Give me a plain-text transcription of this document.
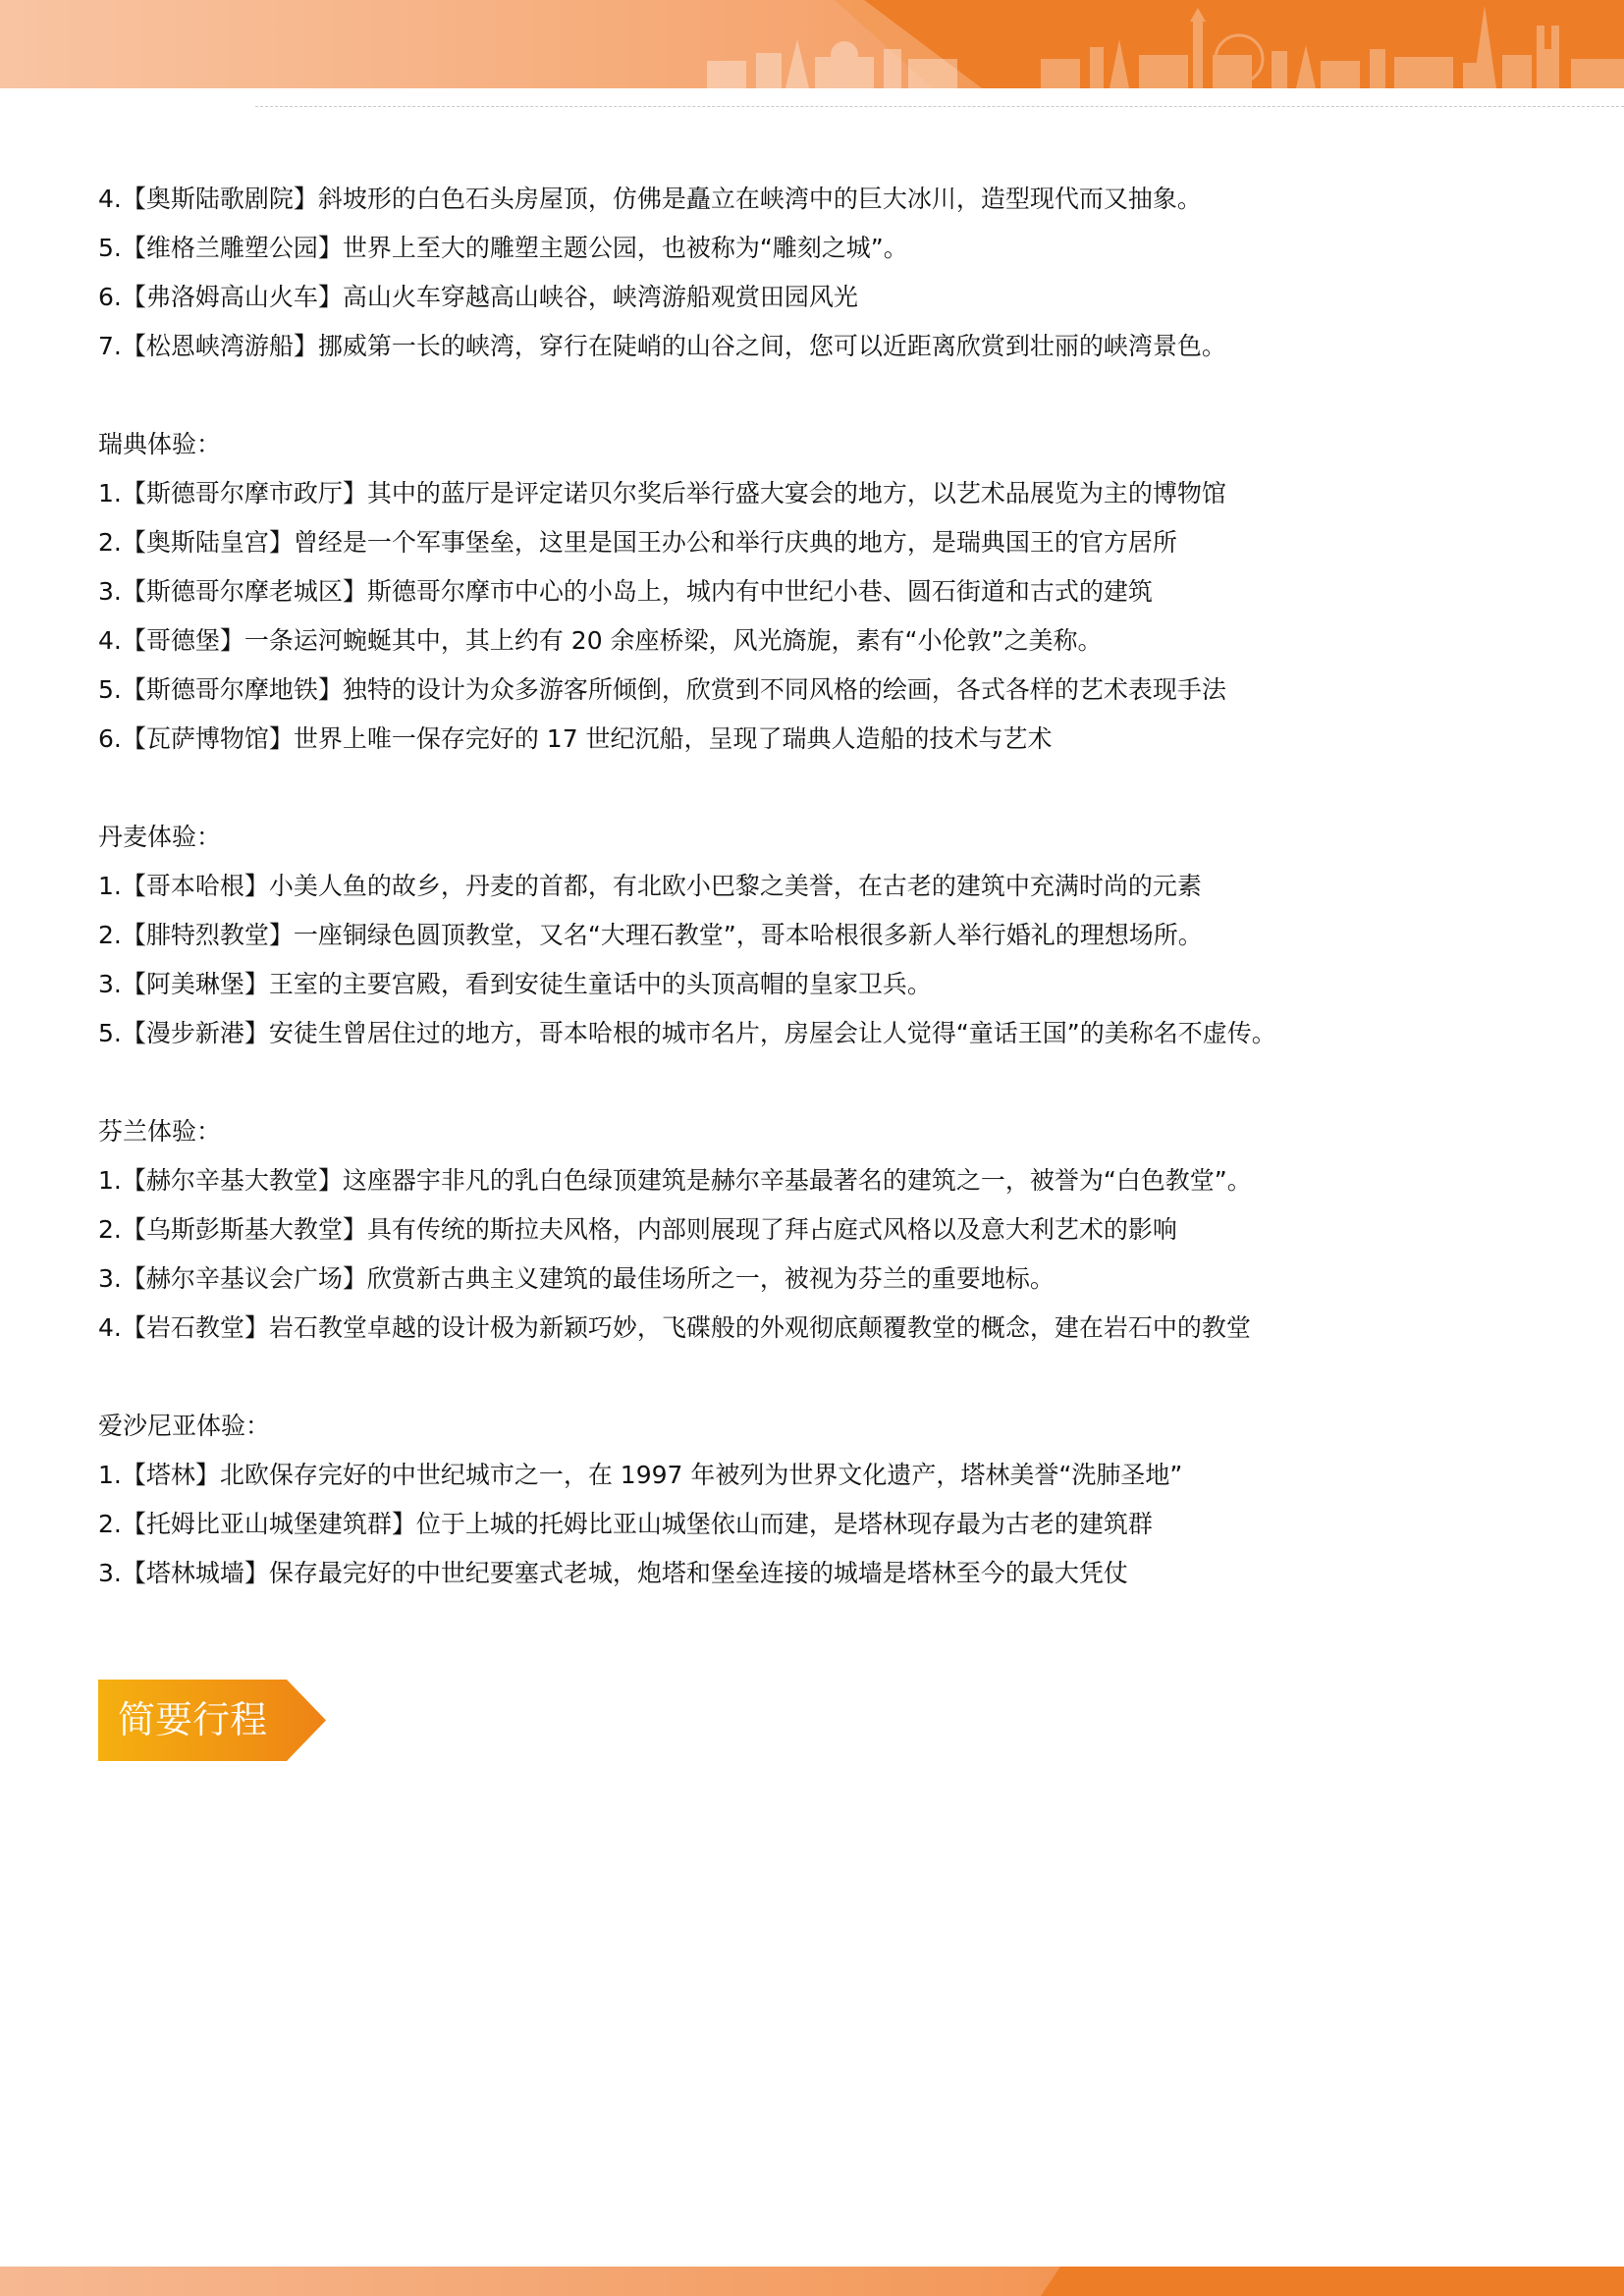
4.【奥斯陆歌剧院】斜坡形的白色石头房屋顶，仿佛是矗立在峡湾中的巨大冰川，造型现代而又抽象。

5.【维格兰雕塑公园】世界上至大的雕塑主题公园，也被称为“雕刻之城”。

6.【弗洛姆高山火车】高山火车穿越高山峡谷，峡湾游船观赏田园风光

7.【松恩峡湾游船】挪威第一长的峡湾，穿行在陡峭的山谷之间，您可以近距离欣赏到壮丽的峡湾景色。

瑞典体验：

1.【斯德哥尔摩市政厅】其中的蓝厅是评定诺贝尔奖后举行盛大宴会的地方，以艺术品展览为主的博物馆

2.【奥斯陆皇宫】曾经是一个军事堡垒，这里是国王办公和举行庆典的地方，是瑞典国王的官方居所

3.【斯德哥尔摩老城区】斯德哥尔摩市中心的小岛上，城内有中世纪小巷、圆石街道和古式的建筑

4.【哥德堡】一条运河蜿蜒其中，其上约有 20 余座桥梁，风光旖旎，素有“小伦敦”之美称。

5.【斯德哥尔摩地铁】独特的设计为众多游客所倾倒，欣赏到不同风格的绘画，各式各样的艺术表现手法

6.【瓦萨博物馆】世界上唯一保存完好的 17 世纪沉船，呈现了瑞典人造船的技术与艺术

丹麦体验：

1.【哥本哈根】小美人鱼的故乡，丹麦的首都，有北欧小巴黎之美誉，在古老的建筑中充满时尚的元素

2.【腓特烈教堂】一座铜绿色圆顶教堂，又名“大理石教堂”，哥本哈根很多新人举行婚礼的理想场所。

3.【阿美琳堡】王室的主要宫殿，看到安徒生童话中的头顶高帽的皇家卫兵。

5.【漫步新港】安徒生曾居住过的地方，哥本哈根的城市名片，房屋会让人觉得“童话王国”的美称名不虚传。

芬兰体验：

1.【赫尔辛基大教堂】这座器宇非凡的乳白色绿顶建筑是赫尔辛基最著名的建筑之一，被誉为“白色教堂”。

2.【乌斯彭斯基大教堂】具有传统的斯拉夫风格，内部则展现了拜占庭式风格以及意大利艺术的影响

3.【赫尔辛基议会广场】欣赏新古典主义建筑的最佳场所之一，被视为芬兰的重要地标。

4.【岩石教堂】岩石教堂卓越的设计极为新颖巧妙，飞碟般的外观彻底颠覆教堂的概念，建在岩石中的教堂

爱沙尼亚体验：

1.【塔林】北欧保存完好的中世纪城市之一，在 1997 年被列为世界文化遗产，塔林美誉“洗肺圣地”

2.【托姆比亚山城堡建筑群】位于上城的托姆比亚山城堡依山而建，是塔林现存最为古老的建筑群

3.【塔林城墙】保存最完好的中世纪要塞式老城，炮塔和堡垒连接的城墙是塔林至今的最大凭仗

简要行程
